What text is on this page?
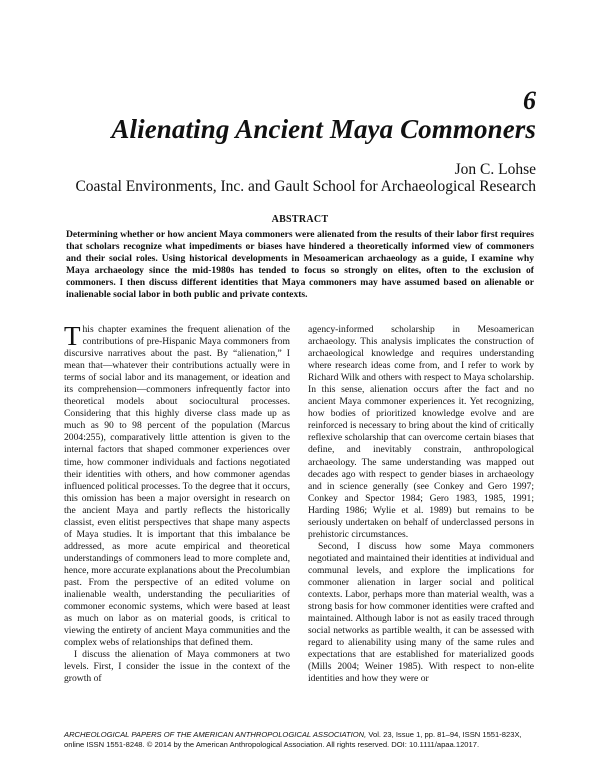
6
Alienating Ancient Maya Commoners
Jon C. Lohse
Coastal Environments, Inc. and Gault School for Archaeological Research
ABSTRACT
Determining whether or how ancient Maya commoners were alienated from the results of their labor first requires that scholars recognize what impediments or biases have hindered a theoretically informed view of commoners and their social roles. Using historical developments in Mesoamerican archaeology as a guide, I examine why Maya archaeology since the mid-1980s has tended to focus so strongly on elites, often to the exclusion of commoners. I then discuss different identities that Maya commoners may have assumed based on alienable or inalienable social labor in both public and private contexts.

This chapter examines the frequent alienation of the contributions of pre-Hispanic Maya commoners from discursive narratives about the past. By “alienation,” I mean that—whatever their contributions actually were in terms of social labor and its management, or ideation and its comprehension—commoners infrequently factor into theoretical models about sociocultural processes. Considering that this highly diverse class made up as much as 90 to 98 percent of the population (Marcus 2004:255), comparatively little attention is given to the internal factors that shaped commoner experiences over time, how commoner individuals and factions negotiated their identities with others, and how commoner agendas influenced political processes. To the degree that it occurs, this omission has been a major oversight in research on the ancient Maya and partly reflects the historically classist, even elitist perspectives that shape many aspects of Maya studies. It is important that this imbalance be addressed, as more acute empirical and theoretical understandings of commoners lead to more complete and, hence, more accurate explanations about the Precolumbian past. From the perspective of an edited volume on inalienable wealth, understanding the peculiarities of commoner economic systems, which were based at least as much on labor as on material goods, is critical to viewing the entirety of ancient Maya communities and the complex webs of relationships that defined them.

I discuss the alienation of Maya commoners at two levels. First, I consider the issue in the context of the growth of

agency-informed scholarship in Mesoamerican archaeology. This analysis implicates the construction of archaeological knowledge and requires understanding where research ideas come from, and I refer to work by Richard Wilk and others with respect to Maya scholarship. In this sense, alienation occurs after the fact and no ancient Maya commoner experiences it. Yet recognizing, how bodies of prioritized knowledge evolve and are reinforced is necessary to bring about the kind of critically reflexive scholarship that can overcome certain biases that define, and inevitably constrain, anthropological archaeology. The same understanding was mapped out decades ago with respect to gender biases in archaeology and in science generally (see Conkey and Gero 1997; Conkey and Spector 1984; Gero 1983, 1985, 1991; Harding 1986; Wylie et al. 1989) but remains to be seriously undertaken on behalf of underclassed persons in prehistoric circumstances.

Second, I discuss how some Maya commoners negotiated and maintained their identities at individual and communal levels, and explore the implications for commoner alienation in larger social and political contexts. Labor, perhaps more than material wealth, was a strong basis for how commoner identities were crafted and maintained. Although labor is not as easily traced through social networks as partible wealth, it can be assessed with regard to alienability using many of the same rules and expectations that are established for materialized goods (Mills 2004; Weiner 1985). With respect to non-elite identities and how they were or

ARCHEOLOGICAL PAPERS OF THE AMERICAN ANTHROPOLOGICAL ASSOCIATION, Vol. 23, Issue 1, pp. 81–94, ISSN 1551-823X,
online ISSN 1551-8248. © 2014 by the American Anthropological Association. All rights reserved. DOI: 10.1111/apaa.12017.
